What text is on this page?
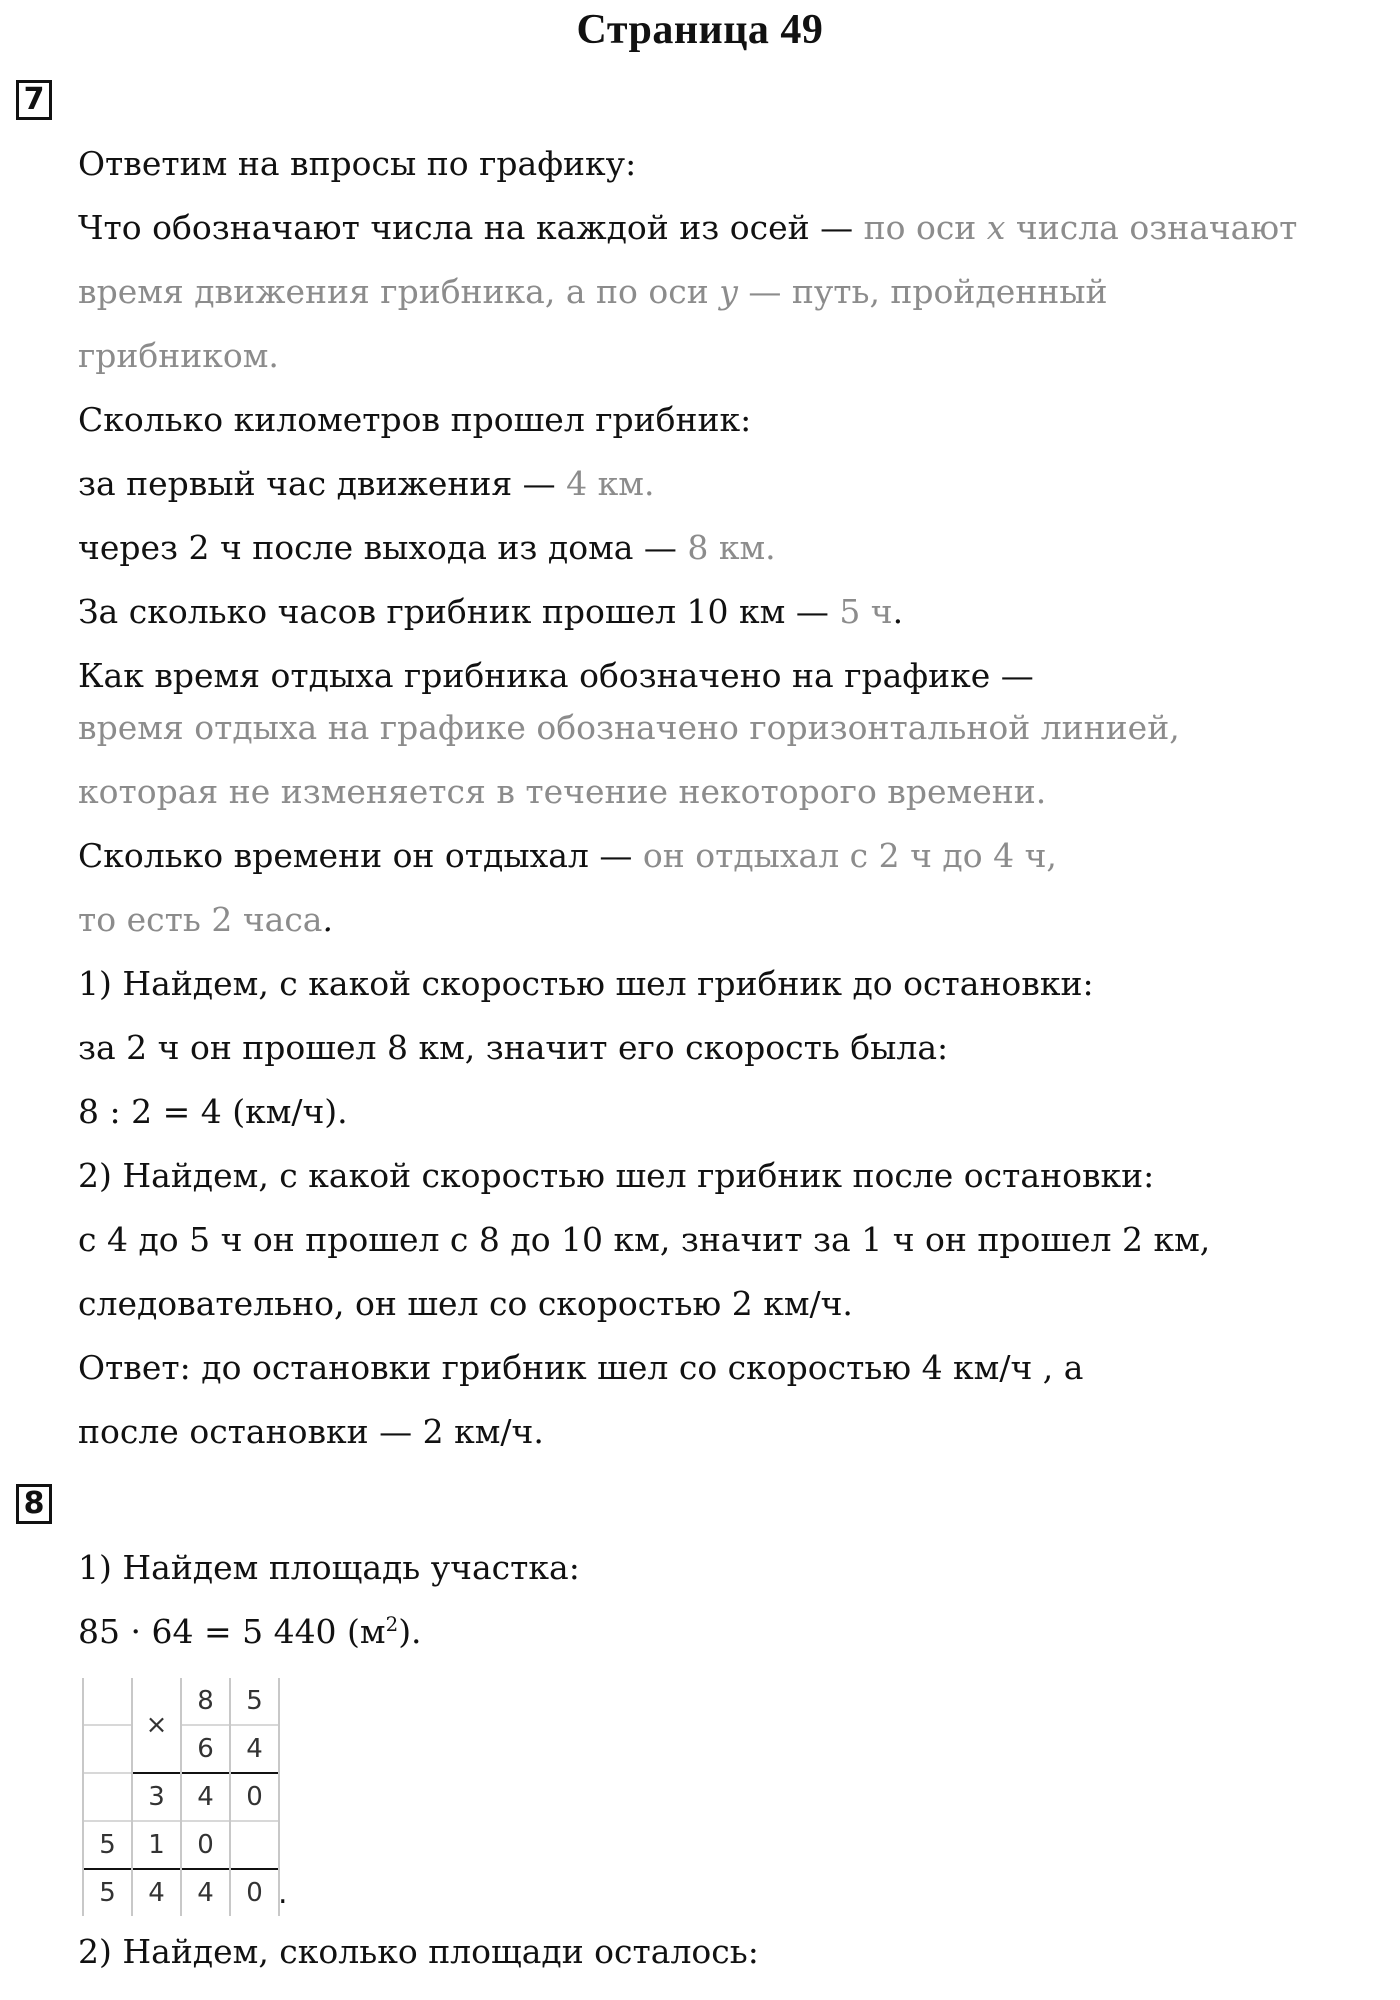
Страница 49
7
Ответим на впросы по графику:
Что обозначают числа на каждой из осей — по оси x числа означают
время движения грибника, а по оси y — путь, пройденный
грибником.
Сколько километров прошел грибник:
за первый час движения — 4 км.
через 2 ч после выхода из дома — 8 км.
За сколько часов грибник прошел 10 км — 5 ч.
Как время отдыха грибника обозначено на графике —
время отдыха на графике обозначено горизонтальной линией,
которая не изменяется в течение некоторого времени.
Сколько времени он отдыхал — он отдыхал с 2 ч до 4 ч,
то есть 2 часа.
1) Найдем, с какой скоростью шел грибник до остановки:
за 2 ч он прошел 8 км, значит его скорость была:
8 : 2 = 4 (км/ч).
2) Найдем, с какой скоростью шел грибник после остановки:
с 4 до 5 ч он прошел с 8 до 10 км, значит за 1 ч он прошел 2 км,
следовательно, он шел со скоростью 2 км/ч.
Ответ: до остановки грибник шел со скоростью 4 км/ч , а
после остановки — 2 км/ч.
8
1) Найдем площадь участка:
85 · 64 = 5 440 $(м^2)$.
	×	8	5
		6	4
	3	4	0
5	1	0	
5	4	4	0 .
2) Найдем, сколько площади осталось:
